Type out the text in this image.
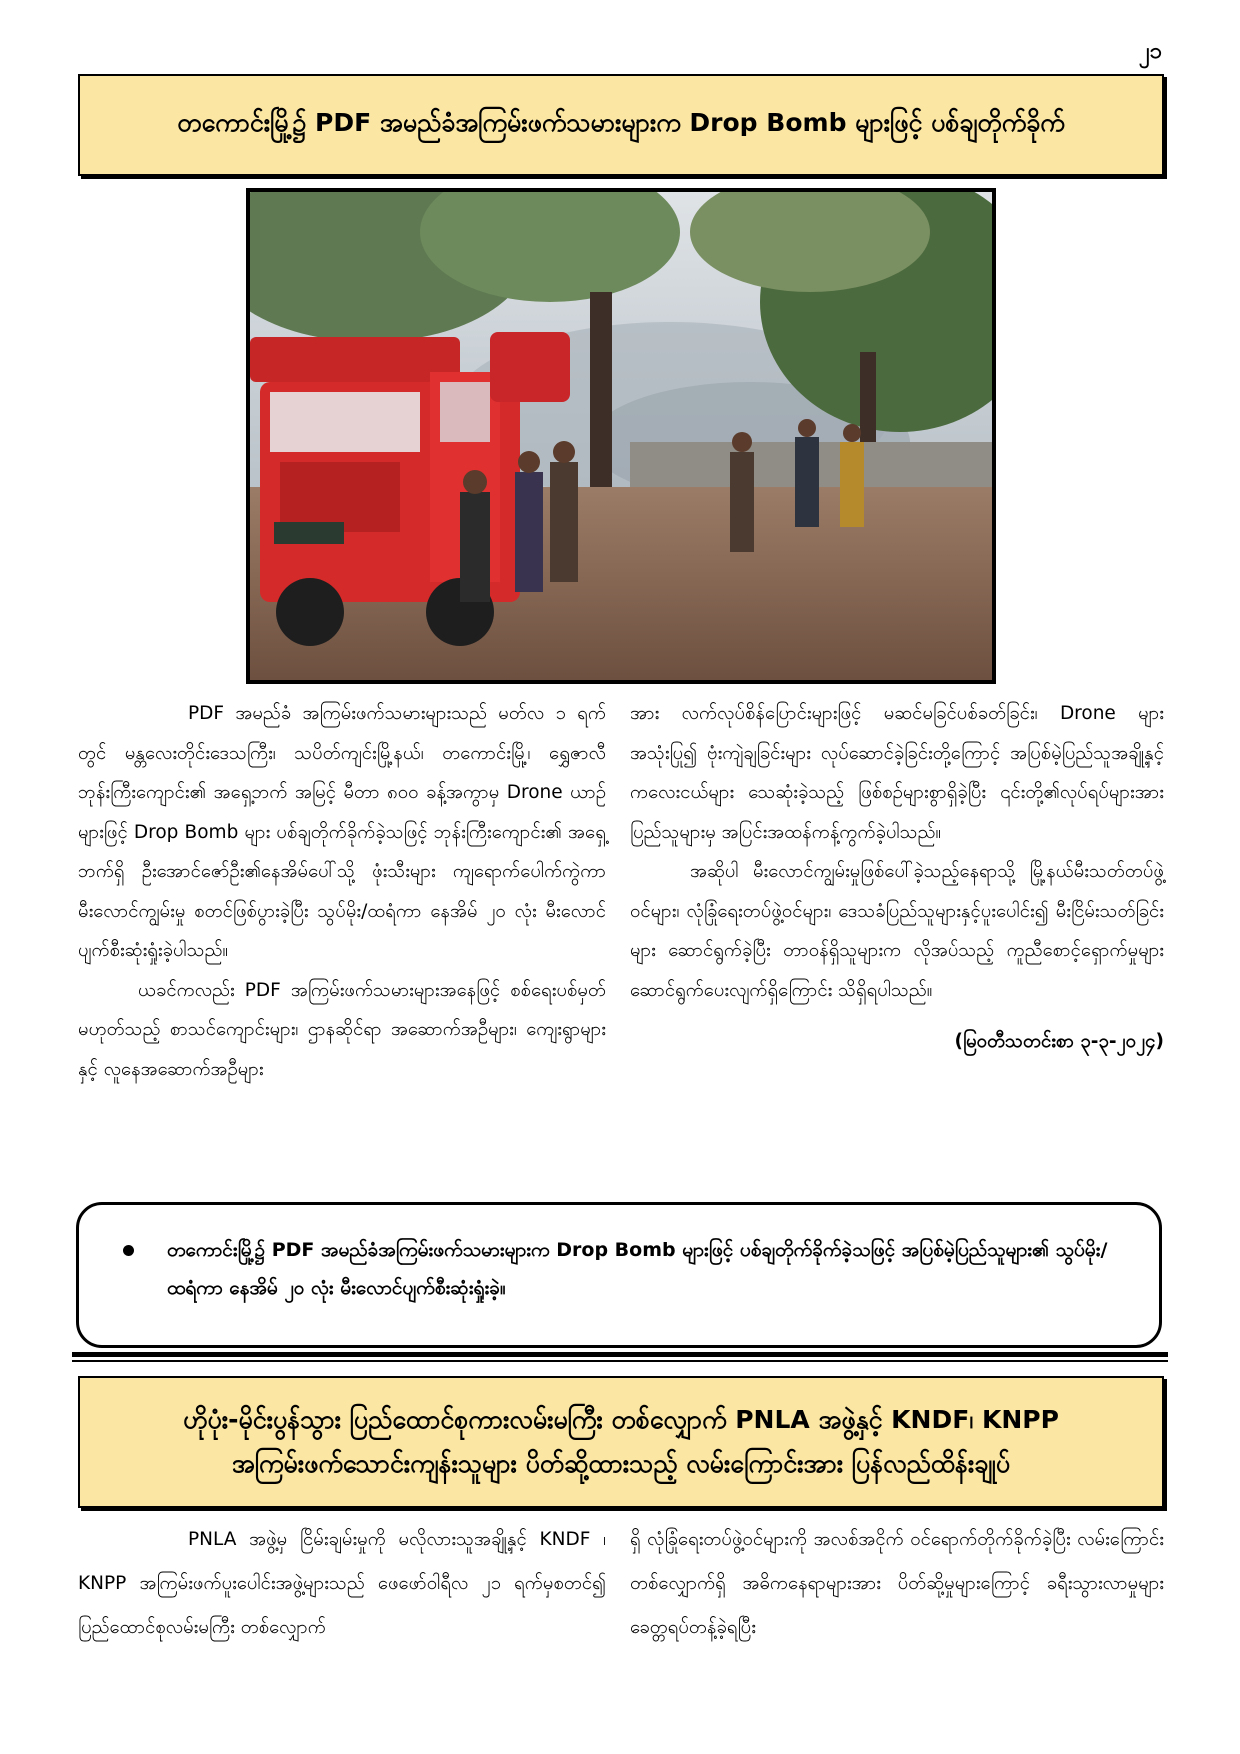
၂၁
တကောင်းမြို့၌ PDF အမည်ခံအကြမ်းဖက်သမားများက Drop Bomb များဖြင့် ပစ်ချတိုက်ခိုက်

PDF အမည်ခံ အကြမ်းဖက်သမားများသည် မတ်လ ၁ ရက်တွင် မန္တလေးတိုင်းဒေသကြီး၊ သပိတ်ကျင်းမြို့နယ်၊ တကောင်းမြို့၊ ရွှေဇာလီဘုန်းကြီးကျောင်း၏ အရှေ့ဘက် အမြင့် မီတာ ၈၀၀ ခန့်အကွာမှ Drone ယာဉ်များဖြင့် Drop Bomb များ ပစ်ချတိုက်ခိုက်ခဲ့သဖြင့် ဘုန်းကြီးကျောင်း၏ အရှေ့ဘက်ရှိ ဦးအောင်ဇော်ဦး၏နေအိမ်ပေါ်သို့ ဖုံးသီးများ ကျရောက်ပေါက်ကွဲကာ မီးလောင်ကျွမ်းမှု စတင်ဖြစ်ပွားခဲ့ပြီး သွပ်မိုး/ထရံကာ နေအိမ် ၂၀ လုံး မီးလောင်ပျက်စီးဆုံးရှုံးခဲ့ပါသည်။

ယခင်ကလည်း PDF အကြမ်းဖက်သမားများအနေဖြင့် စစ်ရေးပစ်မှတ်မဟုတ်သည့် စာသင်ကျောင်းများ၊ ဌာနဆိုင်ရာ အဆောက်အဦများ၊ ကျေးရွာများနှင့် လူနေအဆောက်အဦများ

အား လက်လုပ်စိန်ပြောင်းများဖြင့် မဆင်မခြင်ပစ်ခတ်ခြင်း၊ Drone များအသုံးပြု၍ ဗုံးကျဲချခြင်းများ လုပ်ဆောင်ခဲ့ခြင်းတို့ကြောင့် အပြစ်မဲ့ပြည်သူအချို့နှင့် ကလေးငယ်များ သေဆုံးခဲ့သည့် ဖြစ်စဉ်များစွာရှိခဲ့ပြီး ၎င်းတို့၏လုပ်ရပ်များအား ပြည်သူများမှ အပြင်းအထန်ကန့်ကွက်ခဲ့ပါသည်။

အဆိုပါ မီးလောင်ကျွမ်းမှုဖြစ်ပေါ်ခဲ့သည့်နေရာသို့ မြို့နယ်မီးသတ်တပ်ဖွဲ့ဝင်များ၊ လုံခြုံရေးတပ်ဖွဲ့ဝင်များ၊ ဒေသခံပြည်သူများနှင့်ပူးပေါင်း၍ မီးငြိမ်းသတ်ခြင်းများ ဆောင်ရွက်ခဲ့ပြီး တာဝန်ရှိသူများက လိုအပ်သည့် ကူညီစောင့်ရှောက်မှုများ ဆောင်ရွက်ပေးလျက်ရှိကြောင်း သိရှိရပါသည်။

(မြဝတီသတင်းစာ ၃-၃-၂၀၂၄)

တကောင်းမြို့၌ PDF အမည်ခံအကြမ်းဖက်သမားများက Drop Bomb များဖြင့် ပစ်ချတိုက်ခိုက်ခဲ့သဖြင့် အပြစ်မဲ့ပြည်သူများ၏ သွပ်မိုး/ထရံကာ နေအိမ် ၂၀ လုံး မီးလောင်ပျက်စီးဆုံးရှုံးခဲ့။
ဟိုပုံး-မိုင်းပွန်သွား ပြည်ထောင်စုကားလမ်းမကြီး တစ်လျှောက် PNLA အဖွဲ့နှင့် KNDF၊ KNPP
အကြမ်းဖက်သောင်းကျန်းသူများ ပိတ်ဆို့ထားသည့် လမ်းကြောင်းအား ပြန်လည်ထိန်းချုပ်

PNLA အဖွဲ့မှ ငြိမ်းချမ်းမှုကို မလိုလားသူအချို့နှင့် KNDF ၊ KNPP အကြမ်းဖက်ပူးပေါင်းအဖွဲ့များသည် ဖေဖော်ဝါရီလ ၂၁ ရက်မှစတင်၍ ပြည်ထောင်စုလမ်းမကြီး တစ်လျှောက်

ရှိ လုံခြုံရေးတပ်ဖွဲ့ဝင်များကို အလစ်အငိုက် ဝင်ရောက်တိုက်ခိုက်ခဲ့ပြီး လမ်းကြောင်းတစ်လျှောက်ရှိ အဓိကနေရာများအား ပိတ်ဆို့မှုများကြောင့် ခရီးသွားလာမှုများ ခေတ္တရပ်တန့်ခဲ့ရပြီး
